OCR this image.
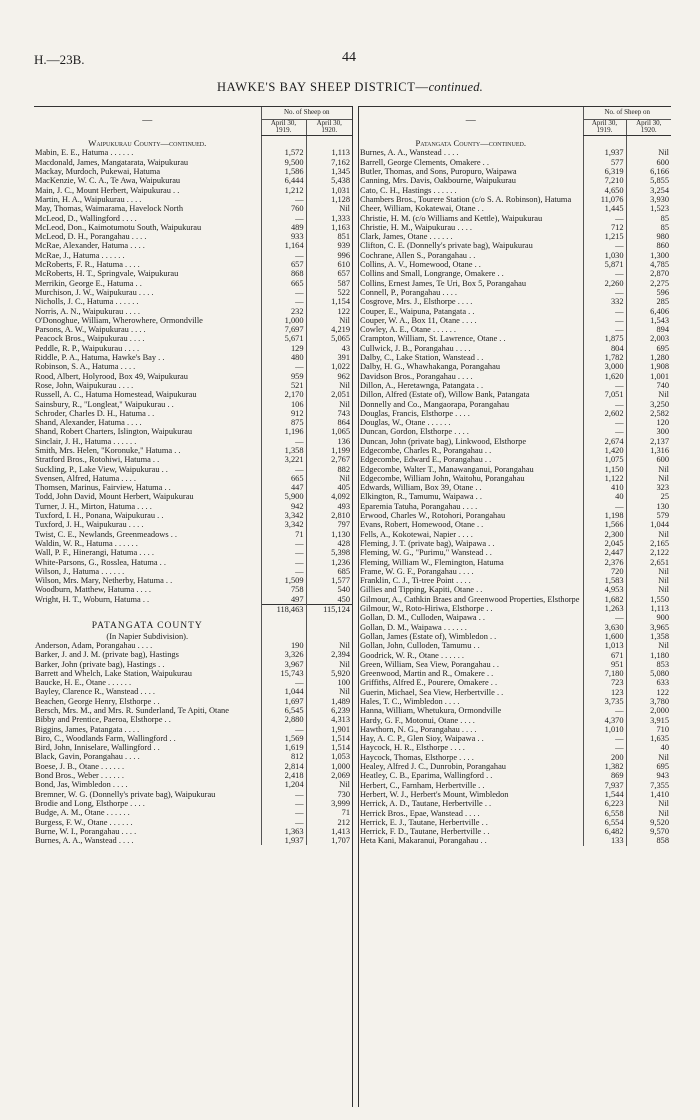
H.—23B.	44
HAWKE'S BAY SHEEP DISTRICT—continued.
—	No. of Sheep on	
	April 30,
1919.	April 30,
1920.
Waipukurau County—continued.		
Mabin, E. E., Hatuma . . . . . .	1,572	1,113
Macdonald, James, Mangatarata, Waipukurau	9,500	7,162
Mackay, Murdoch, Pukewai, Hatuma	1,586	1,345
MacKenzie, W. C. A., Te Awa, Waipukurau	6,444	5,438
Main, J. C., Mount Herbert, Waipukurau . .	1,212	1,031
Martin, H. A., Waipukurau . . . .	—	1,128
May, Thomas, Waimarama, Havelock North	760	Nil
McLeod, D., Wallingford . . . .	—	1,333
McLeod, Don., Kaimotumotu South, Waipukurau	489	1,163
McLeod, D. H., Porangahau . . . .	933	851
McRae, Alexander, Hatuma . . . .	1,164	939
McRae, J., Hatuma . . . . . .	—	996
McRoberts, F. R., Hatuma . . . .	657	610
McRoberts, H. T., Springvale, Waipukurau	868	657
Merrikin, George E., Hatuma . .	665	587
Murchison, J. W., Waipukurau . . . .	—	522
Nicholls, J. C., Hatuma . . . . . .	—	1,154
Norris, A. N., Waipukurau . . . .	232	122
O'Donoghue, William, Wherowhere, Ormondville	1,000	Nil
Parsons, A. W., Waipukurau . . . .	7,697	4,219
Peacock Bros., Waipukurau . . . .	5,671	5,065
Peddle, R. P., Waipukurau . . . .	129	43
Riddle, P. A., Hatuma, Hawke's Bay . .	480	391
Robinson, S. A., Hatuma . . . .	—	1,022
Rood, Albert, Holyrood, Box 49, Waipukurau	959	962
Rose, John, Waipukurau . . . .	521	Nil
Russell, A. C., Hatuma Homestead, Waipukurau	2,170	2,051
Sainsbury, R., "Longleat," Waipukurau . .	106	Nil
Schroder, Charles D. H., Hatuma . .	912	743
Shand, Alexander, Hatuma . . . .	875	864
Shand, Robert Charters, Islington, Waipukurau	1,196	1,065
Sinclair, J. H., Hatuma . . . . . .	—	136
Smith, Mrs. Helen, "Koronuke," Hatuma . .	1,358	1,199
Stratford Bros., Rotohiwi, Hatuma . .	3,221	2,767
Suckling, P., Lake View, Waipukurau . .	—	882
Svensen, Alfred, Hatuma . . . .	665	Nil
Thomsen, Marinus, Fairview, Hatuma . .	447	405
Todd, John David, Mount Herbert, Waipukurau	5,900	4,092
Turner, J. H., Mirton, Hatuma . . . .	942	493
Tuxford, I. H., Ponana, Waipukurau . .	3,342	2,810
Tuxford, J. H., Waipukurau . . . .	3,342	797
Twist, C. E., Newlands, Greenmeadows . .	71	1,130
Waldin, W. R., Hatuma . . . . . .	—	428
Wall, P. F., Hinerangi, Hatuma . . . .	—	5,398
White-Parsons, G., Rosslea, Hatuma . .	—	1,236
Wilson, J., Hatuma . . . . . .	—	685
Wilson, Mrs. Mary, Netherby, Hatuma . .	1,509	1,577
Woodburn, Matthew, Hatuma . . . .	758	540
Wright, H. T., Woburn, Hatuma . .	497	450
	118,463	115,124
PATANGATA COUNTY		
(In Napier Subdivision).		
Anderson, Adam, Porangahau . . . .	190	Nil
Barker, J. and J. M. (private bag), Hastings	3,326	2,394
Barker, John (private bag), Hastings . .	3,967	Nil
Barrett and Whelch, Lake Station, Waipukurau	15,743	5,920
Baucke, H. E., Otane . . . . . .	—	100
Bayley, Clarence R., Wanstead . . . .	1,044	Nil
Beachen, George Henry, Elsthorpe . .	1,697	1,489
Bersch, Mrs. M., and Mrs. R. Sunderland, Te Apiti, Otane	6,545	6,239
Bibby and Prentice, Paeroa, Elsthorpe . .	2,880	4,313
Biggins, James, Patangata . . . .	—	1,901
Biro, C., Woodlands Farm, Wallingford . .	1,569	1,514
Bird, John, Inniselare, Wallingford . .	1,619	1,514
Black, Gavin, Porangahau . . . .	812	1,053
Boese, J. B., Otane . . . . . .	2,814	1,000
Bond Bros., Weber . . . . . .	2,418	2,069
Bond, Jas, Wimbledon . . . .	1,204	Nil
Bremner, W. G. (Donnelly's private bag), Waipukurau	—	730
Brodie and Long, Elsthorpe . . . .	—	3,999
Budge, A. M., Otane . . . . . .	—	71
Burgess, F. W., Otane . . . . . .	—	212
Burne, W. I., Porangahau . . . .	1,363	1,413
Burnes, A. A., Wanstead . . . .	1,937	1,707
—	No. of Sheep on	
	April 30,
1919.	April 30,
1920.
Patangata County—continued.		
Burnes, A. A., Wanstead . . . .	1,937	Nil
Barrell, George Clements, Omakere . .	577	600
Butler, Thomas, and Sons, Puropuro, Waipawa	6,319	6,166
Canning, Mrs. Davis, Oakbourne, Waipukurau	7,210	5,855
Cato, C. H., Hastings . . . . . .	4,650	3,254
Chambers Bros., Tourere Station (c/o S. A. Robinson), Hatuma	11,076	3,930
Cheer, William, Kokatewai, Otane . .	1,445	1,523
Christie, H. M. (c/o Williams and Kettle), Waipukurau	—	85
Christie, H. M., Waipukurau . . . .	712	85
Clark, James, Otane . . . . . .	1,215	980
Clifton, C. E. (Donnelly's private bag), Waipukurau	—	860
Cochrane, Allen S., Porangahau . .	1,030	1,300
Collins, A. V., Homewood, Otane . .	5,871	4,785
Collins and Small, Longrange, Omakere . .	—	2,870
Collins, Ernest James, Te Uri, Box 5, Porangahau	2,260	2,275
Connell, P., Porangahau . . . .	—	596
Cosgrove, Mrs. J., Elsthorpe . . . .	332	285
Couper, E., Waipuna, Patangata . .	—	6,406
Couper, W. A., Box 11, Otane . . . .	—	1,543
Cowley, A. E., Otane . . . . . .	—	894
Crampton, William, St. Lawrence, Otane . .	1,875	2,003
Cullwick, J. B., Porangahau . . . .	804	695
Dalby, C., Lake Station, Wanstead . .	1,782	1,280
Dalby, H. G., Whawhakanga, Porangahau	3,000	1,908
Davidson Bros., Porangahau . . . .	1,620	1,001
Dillon, A., Heretawnga, Patangata . .	—	740
Dillon, Alfred (Estate of), Willow Bank, Patangata	7,051	Nil
Donnelly and Co., Mangaorapa, Porangahau	—	3,250
Douglas, Francis, Elsthorpe . . . .	2,602	2,582
Douglas, W., Otane . . . . . .	—	120
Duncan, Gordon, Elsthorpe . . . .	—	300
Duncan, John (private bag), Linkwood, Elsthorpe	2,674	2,137
Edgecombe, Charles R., Porangahau . .	1,420	1,316
Edgecombe, Edward E., Porangahau . .	1,075	600
Edgecombe, Walter T., Manawanganui, Porangahau	1,150	Nil
Edgecombe, William John, Waitohu, Porangahau	1,122	Nil
Edwards, William, Box 39, Otane . .	410	323
Elkington, R., Tamumu, Waipawa . .	40	25
Eparemia Tatuha, Porangahau . . . .	—	130
Erwood, Charles W., Rotohori, Porangahau	1,198	579
Evans, Robert, Homewood, Otane . .	1,566	1,044
Fells, A., Kokotewai, Napier . . . .	2,300	Nil
Fleming, J. T. (private bag), Waipawa . .	2,045	2,165
Fleming, W. G., "Purimu," Wanstead . .	2,447	2,122
Fleming, William W., Flemington, Hatuma	2,376	2,651
Frame, W. G. F., Porangahau . . . .	720	Nil
Franklin, C. J., Ti-tree Point . . . .	1,583	Nil
Gillies and Tipping, Kapiti, Otane . .	4,953	Nil
Gilmour, A., Cathkin Braes and Greenwood Properties, Elsthorpe	1,682	1,550
Gilmour, W., Roto-Hiriwa, Elsthorpe . .	1,263	1,113
Gollan, D. M., Culloden, Waipawa . .	—	900
Gollan, D. M., Waipawa . . . . . .	3,630	3,965
Gollan, James (Estate of), Wimbledon . .	1,600	1,358
Gollan, John, Culloden, Tamumu . .	1,013	Nil
Goodrick, W. R., Otane . . . . . .	671	1,180
Green, William, Sea View, Porangahau . .	951	853
Greenwood, Martin and R., Omakere . .	7,180	5,080
Griffiths, Alfred E., Pourere, Omakere . .	723	633
Guerin, Michael, Sea View, Herbertville . .	123	122
Hales, T. C., Wimbledon . . . .	3,735	3,780
Hanna, William, Whetukura, Ormondville	—	2,000
Hardy, G. F., Motonui, Otane . . . .	4,370	3,915
Hawthorn, N. G., Porangahau . . . .	1,010	710
Hay, A. C. P., Glen Sioy, Waipawa . .	—	1,635
Haycock, H. R., Elsthorpe . . . .	—	40
Haycock, Thomas, Elsthorpe . . . .	200	Nil
Healey, Alfred J. C., Dunrobin, Porangahau	1,382	695
Heatley, C. B., Eparima, Wallingford . .	869	943
Herbert, C., Farnham, Herbertville . .	7,937	7,355
Herbert, W. J., Herbert's Mount, Wimbledon	1,544	1,410
Herrick, A. D., Tautane, Herbertville . .	6,223	Nil
Herrick Bros., Epae, Wanstead . . . .	6,558	Nil
Herrick, E. J., Tautane, Herbertville . .	6,554	9,520
Herrick, F. D., Tautane, Herbertville . .	6,482	9,570
Heta Kani, Makaranui, Porangahau . .	133	858
